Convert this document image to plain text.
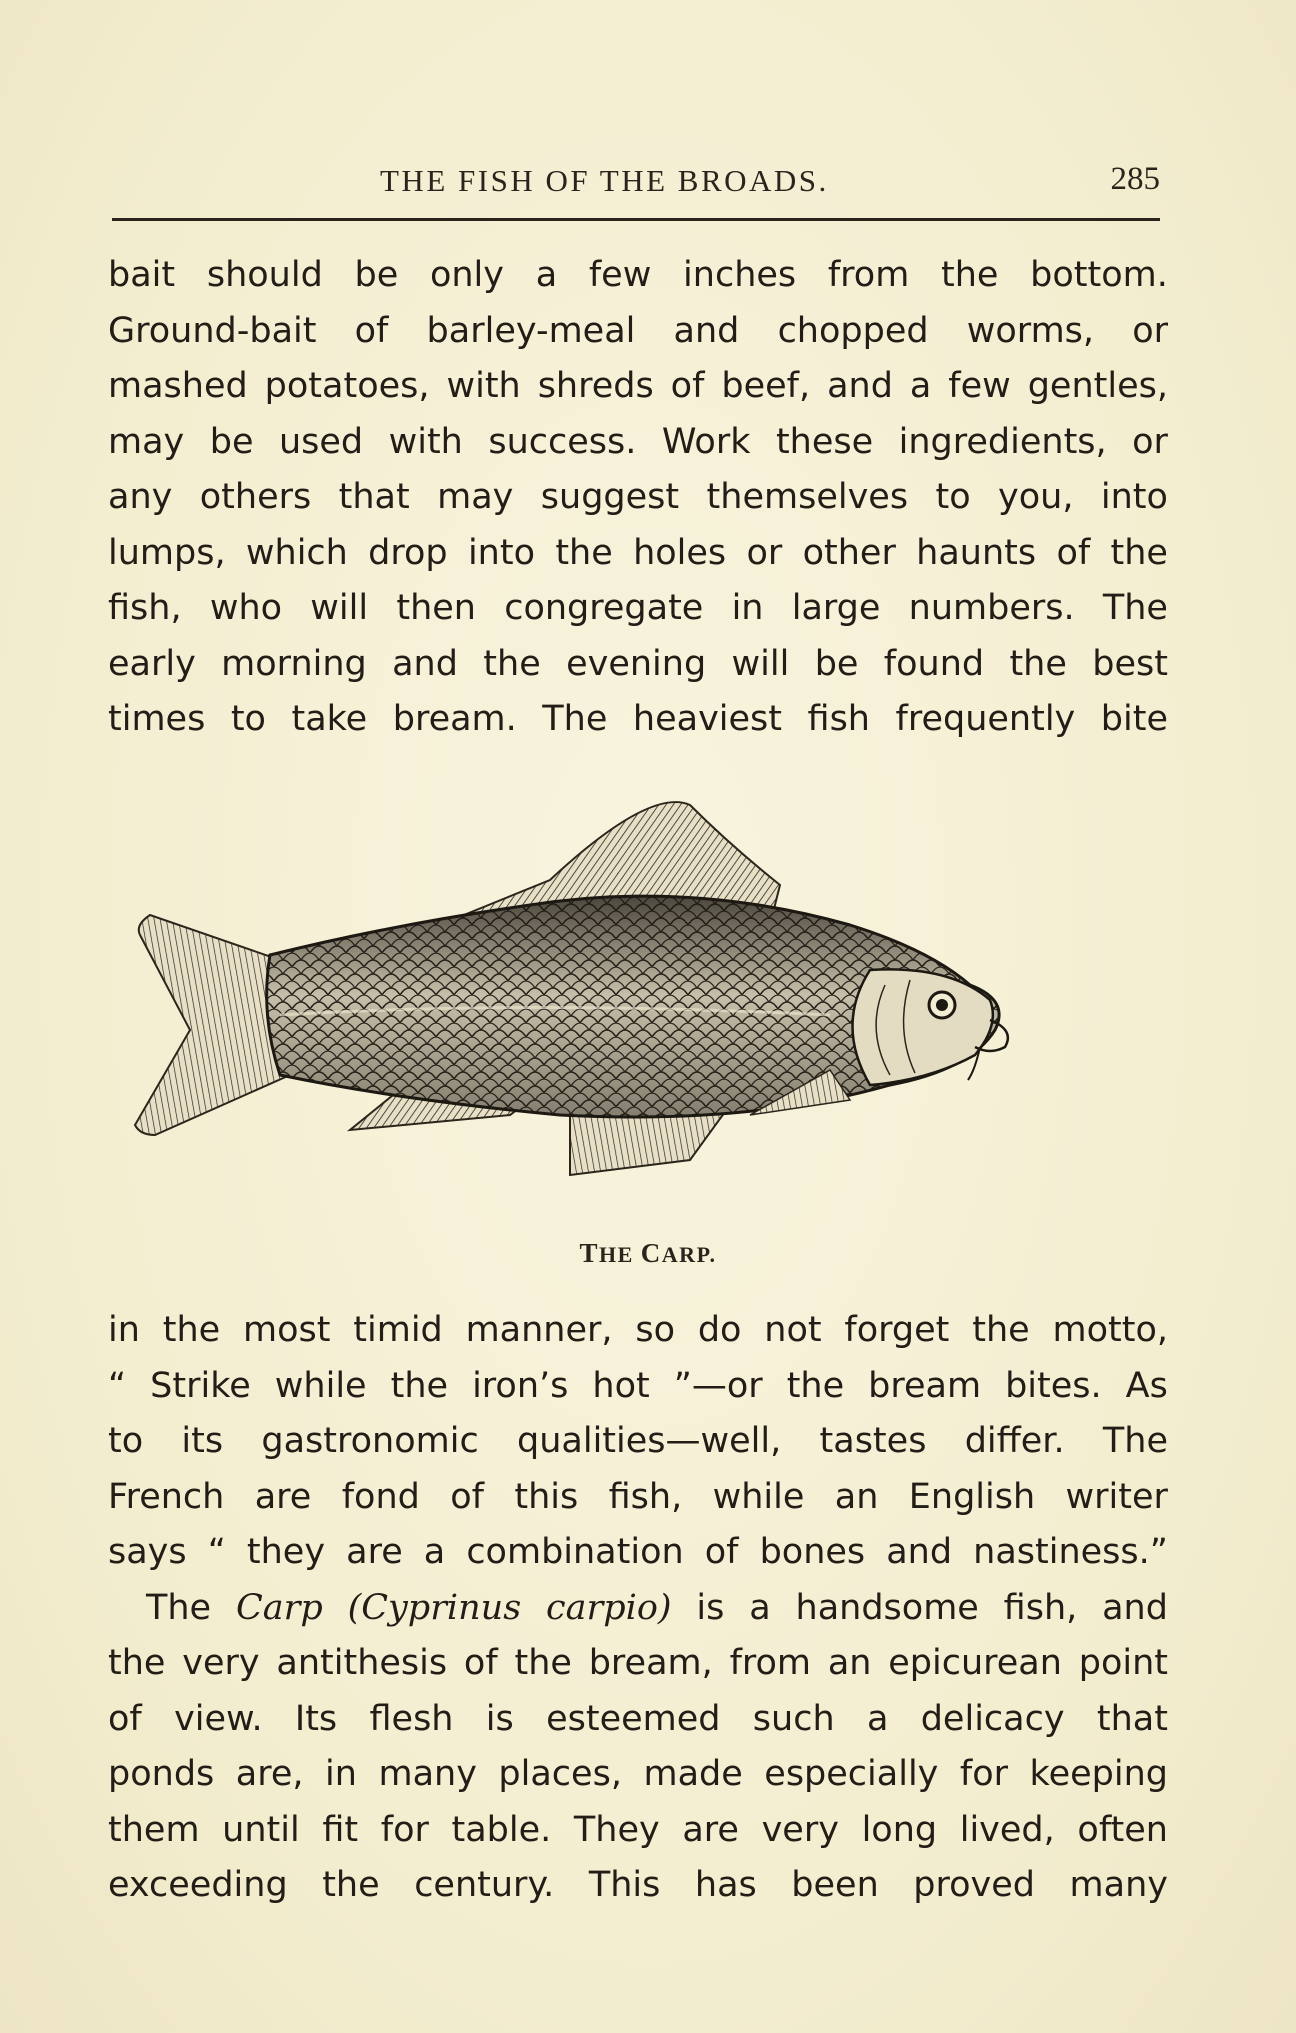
THE FISH OF THE BROADS.	285
bait should be only a few inches from the bottom.
Ground-bait of barley-meal and chopped worms, or
mashed potatoes, with shreds of beef, and a few gentles,
may be used with success. Work these ingredients, or
any others that may suggest themselves to you, into
lumps, which drop into the holes or other haunts of the
fish, who will then congregate in large numbers. The
early morning and the evening will be found the best
times to take bream. The heaviest fish frequently bite
THE CARP.
in the most timid manner, so do not forget the motto,
“ Strike while the iron’s hot ”—or the bream bites. As
to its gastronomic qualities—well, tastes differ. The
French are fond of this fish, while an English writer
says “ they are a combination of bones and nastiness.”
The Carp (Cyprinus carpio) is a handsome fish, and
the very antithesis of the bream, from an epicurean point
of view. Its flesh is esteemed such a delicacy that
ponds are, in many places, made especially for keeping
them until fit for table. They are very long lived, often
exceeding the century. This has been proved many
